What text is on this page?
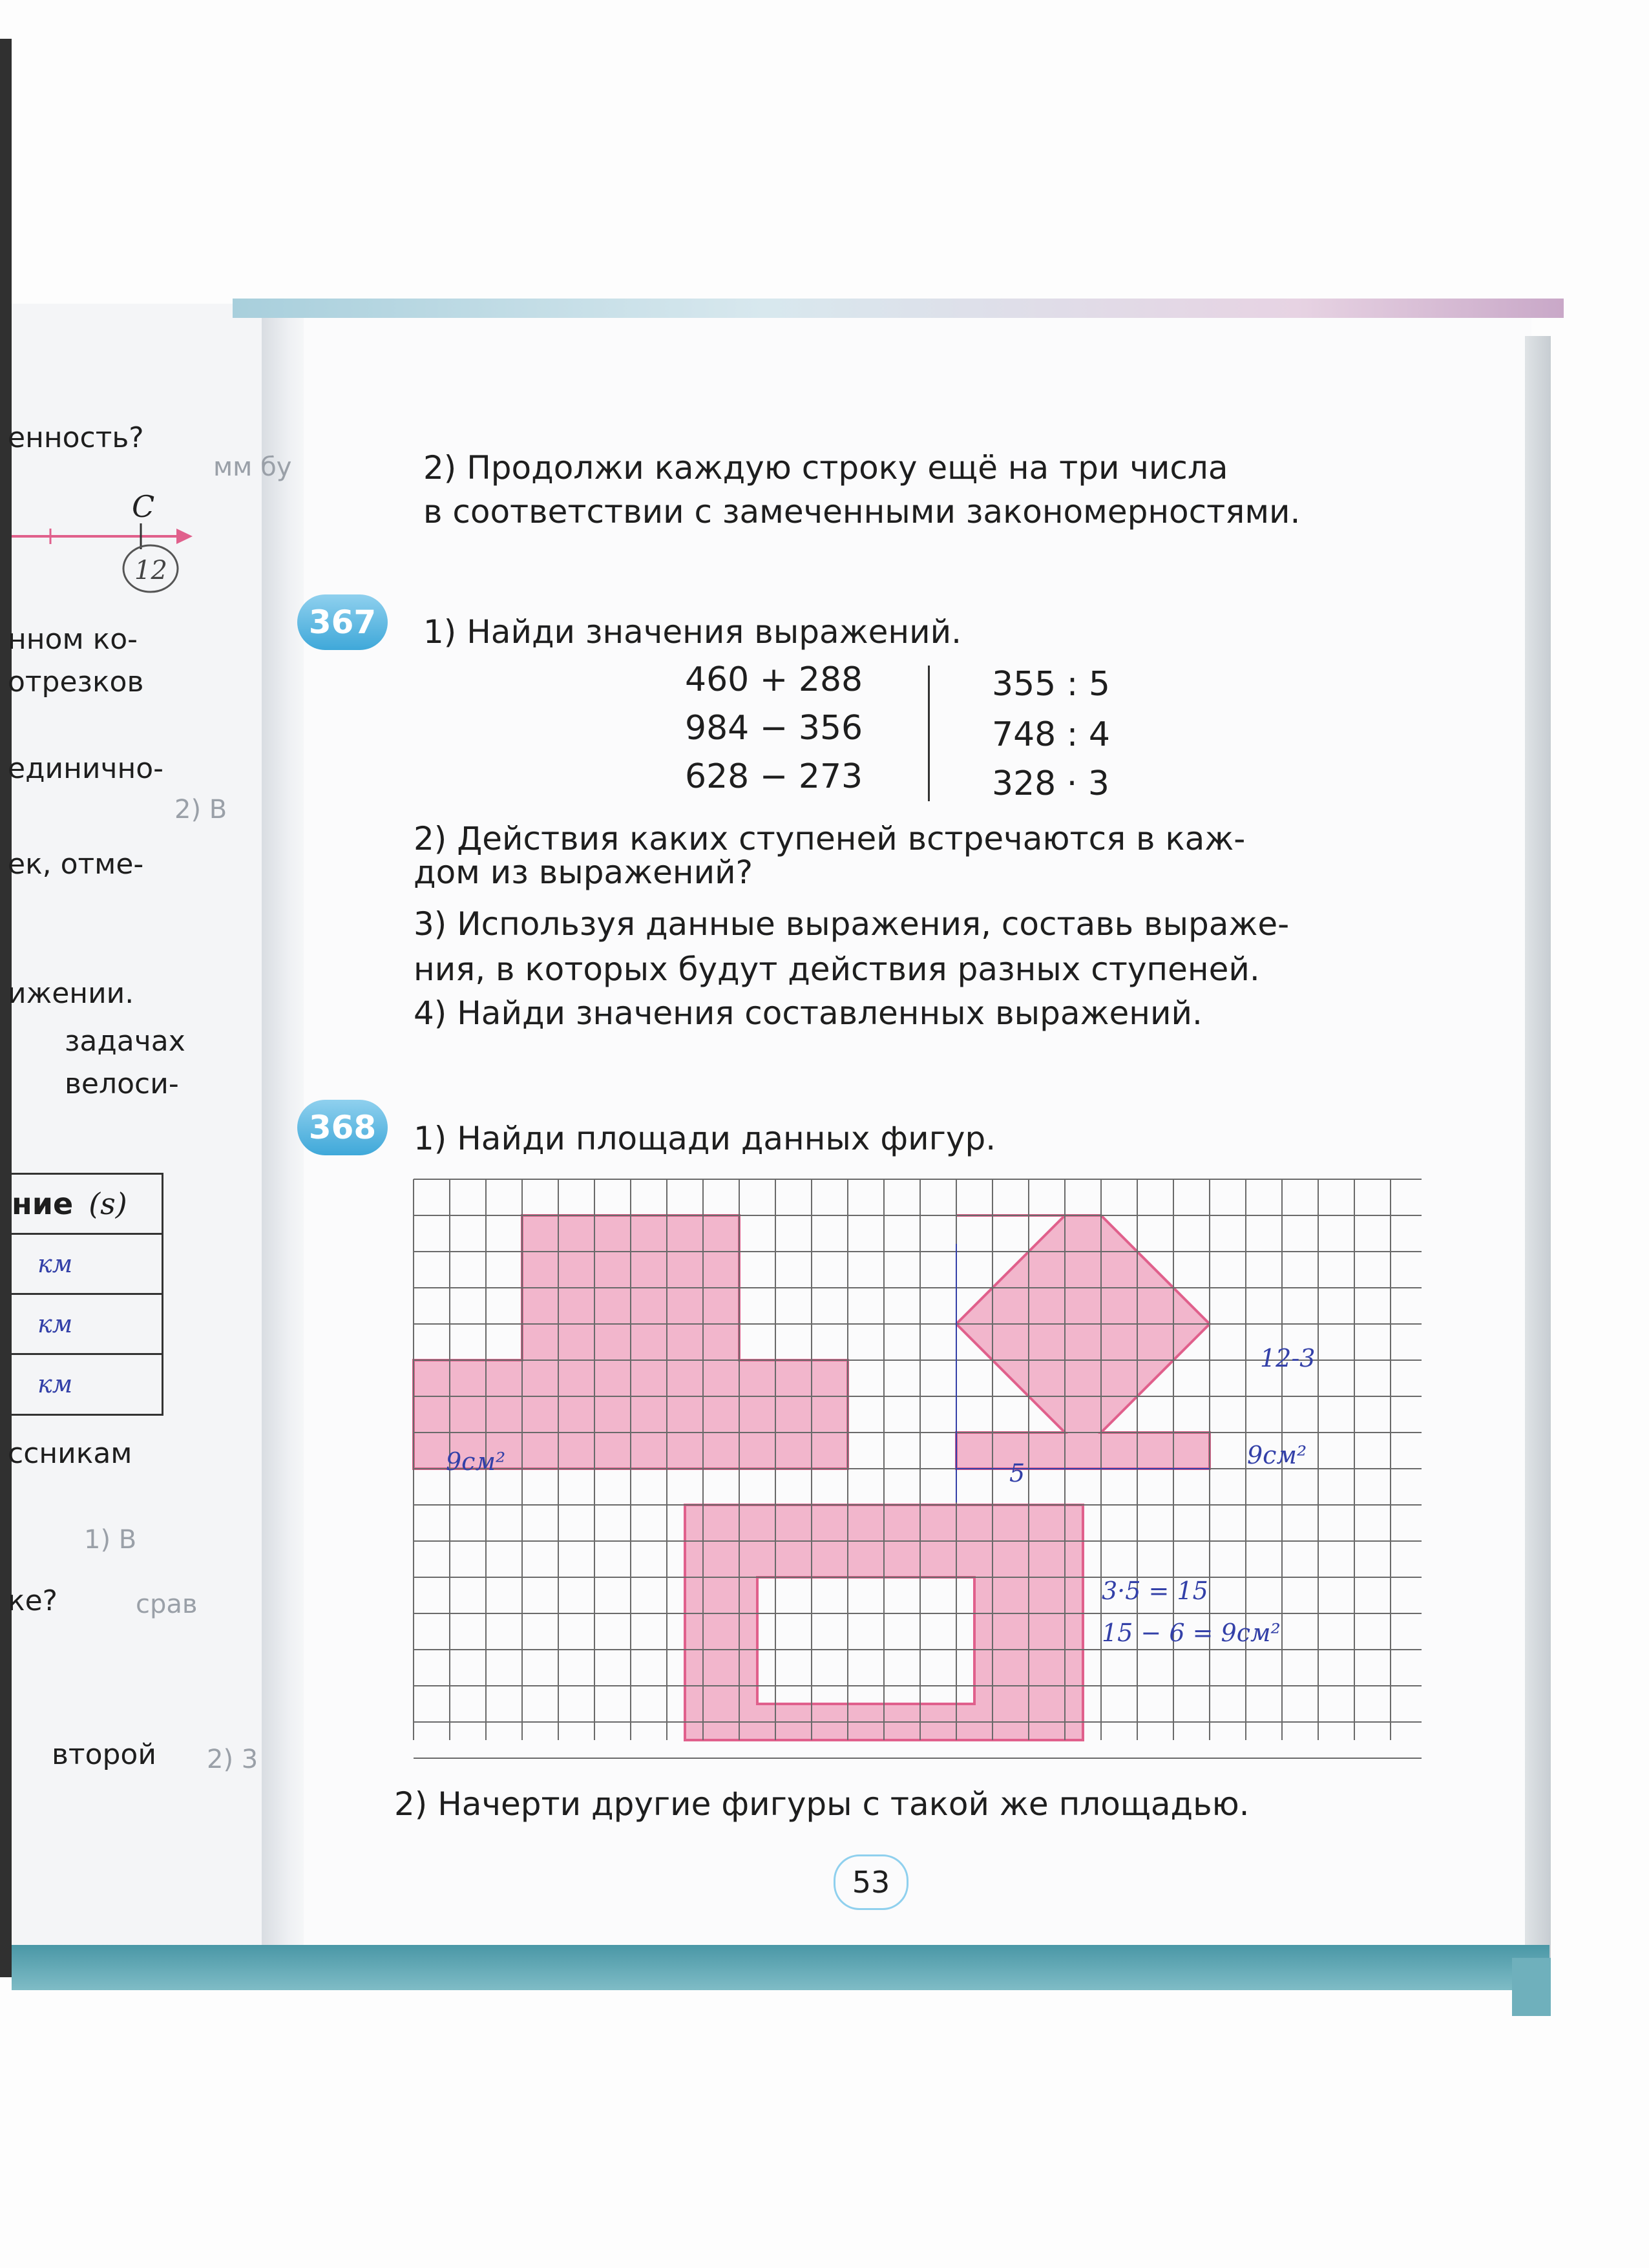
енность?
мм бу
нном ко-
отрезков
единично-
2) В
ек, отме-
ижении.
задачах
велоси-
ссникам
1) В
срав
ке?
второй 2) 3
C
12
ние (s)
км
км
км
2) Продолжи каждую строку ещё на три числа
в соответствии с замеченными закономерностями.
367	1) Найди значения выражений.
460 + 288
984 − 356
628 − 273
355 : 5
748 : 4
328 · 3
2) Действия каких ступеней встречаются в каж-
дом из выражений?
3) Используя данные выражения, составь выраже-
ния, в которых будут действия разных ступеней.
4) Найди значения составленных выражений.
368	1) Найди площади данных фигур.
9см²
12-3
9см²
5
3·5 = 15
15 − 6 = 9см²
2) Начерти другие фигуры с такой же площадью.
53
